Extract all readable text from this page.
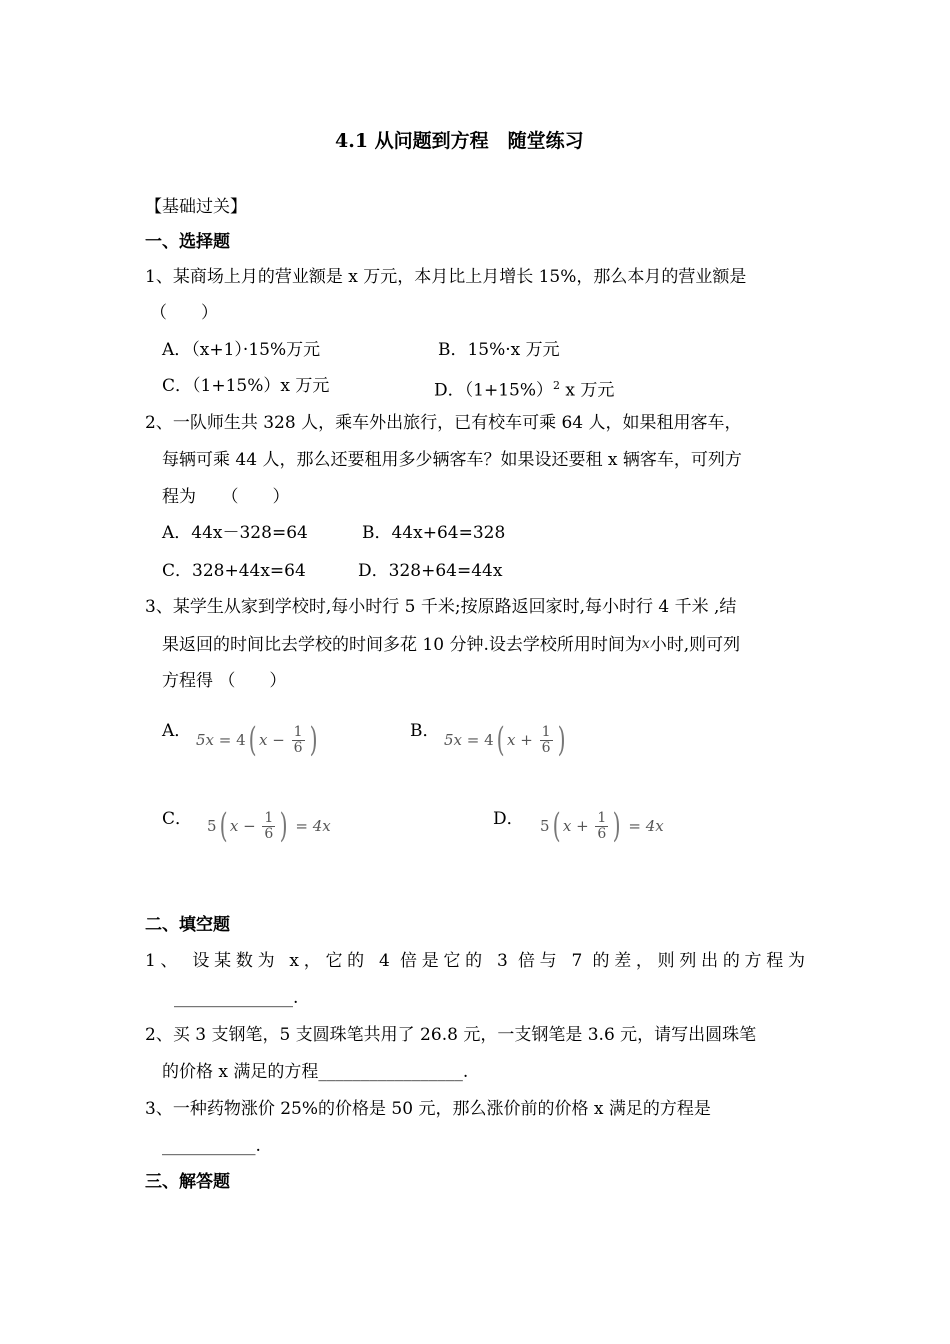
4.1 从问题到方程　随堂练习
【基础过关】
一、选择题
1、某商场上月的营业额是 x 万元，本月比上月增长 15%，那么本月的营业额是
（　　）
A．（x+1）·15%万元	B．15%·x 万元
C．（1+15%）x 万元	D．$(1+15\%)^2$ x 万元
2、一队师生共 328 人，乘车外出旅行，已有校车可乘 64 人，如果租用客车，
每辆可乘 44 人，那么还要租用多少辆客车？如果设还要租 x 辆客车，可列方
程为　　（　　）
A．44x－328=64	B．44x+64=328
C．328+44x=64	D．328+64=44x
3、某学生从家到学校时,每小时行 5 千米;按原路返回家时,每小时行 4 千米 ,结
果返回的时间比去学校的时间多花 10 分钟.设去学校所用时间为x小时,则可列
方程得 （　　）
A． 5x
=
4 ( x
−
$\frac{1}{6}$ )	B． 5x
=
4 ( x
+
$\frac{1}{6}$ )
C． 5 ( x
−
$\frac{1}{6}$ )
=
4x	D． 5 ( x
+
$\frac{1}{6}$ )
=
4x
二、填空题
1、 设某数为 x，它的 4 倍是它的 3 倍与 7 的差，则列出的方程为
______________.
2、买 3 支钢笔，5 支圆珠笔共用了 26.8 元，一支钢笔是 3.6 元，请写出圆珠笔
的价格 x 满足的方程_________________.
3、一种药物涨价 25%的价格是 50 元，那么涨价前的价格 x 满足的方程是
___________.
三、解答题
